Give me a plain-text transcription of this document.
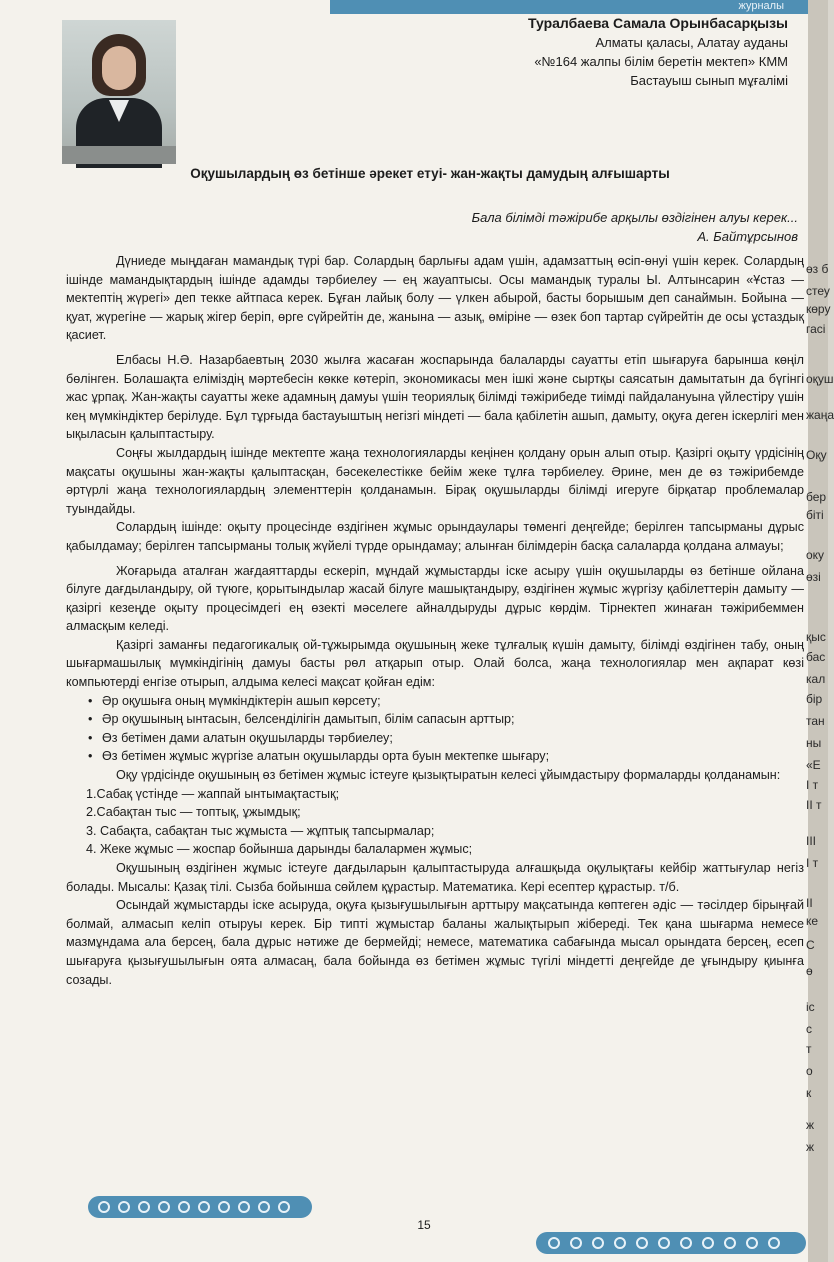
журналы
Туралбаева Самала Орынбасарқызы
Алматы қаласы, Алатау ауданы
«№164 жалпы білім беретін мектеп» КММ
Бастауыш сынып мұғалімі
Оқушылардың өз бетінше әрекет етуі- жан-жақты дамудың алғышарты
Бала білімді тәжірибе арқылы өздігінен алуы керек...
А. Байтұрсынов

Дүниеде мыңдаған мамандық түрі бар. Солардың барлығы адам үшін, адамзаттың өсіп-өнуі үшін керек. Солардың ішінде мамандықтардың ішінде адамды тәрбиелеу — ең жауаптысы. Осы мамандық туралы Ы. Алтынсарин «Ұстаз — мектептің жүрегі» деп текке айтпаса керек. Бұған лайық болу — үлкен абырой, басты борышым деп санаймын. Бойына — қуат, жүрегіне — жарық жігер беріп, өрге сүйрейтін де, жанына — азық, өміріне — өзек боп тартар сүйрейтін де осы ұстаздық қасиет.

Елбасы Н.Ә. Назарбаевтың 2030 жылға жасаған жоспарында балаларды сауатты етіп шығаруға барынша көңіл бөлінген. Болашақта еліміздің мәртебесін көкке көтеріп, экономикасы мен ішкі және сыртқы саясатын дамытатын да бүгінгі жас ұрпақ. Жан-жақты сауатты жеке адамның дамуы үшін теориялық білімді тәжірибеде тиімді пайдалануына үйлестіру үшін кең мүмкіндіктер берілуде. Бұл тұрғыда бастауыштың негізгі міндеті — бала қабілетін ашып, дамыту, оқуға деген іскерлігі мен ықыласын қалыптастыру.

Соңғы жылдардың ішінде мектепте жаңа технологияларды кеңінен қолдану орын алып отыр. Қазіргі оқыту үрдісінің мақсаты оқушыны жан-жақты қалыптасқан, бәсекелестікке бейім жеке тұлға тәрбиелеу. Әрине, мен де өз тәжірибемде әртүрлі жаңа технологиялардың элементтерін қолданамын. Бірақ оқушыларды білімді игеруге бірқатар проблемалар туындайды.

Солардың ішінде: оқыту процесінде өздігінен жұмыс орындаулары төменгі деңгейде; берілген тапсырманы дұрыс қабылдамау; берілген тапсырманы толық жүйелі түрде орындамау; алынған білімдерін басқа салаларда қолдана алмауы;

Жоғарыда аталған жағдаяттарды ескеріп, мұндай жұмыстарды іске асыру үшін оқушыларды өз бетінше ойлана білуге дағдыландыру, ой түюге, қорытындылар жасай білуге машықтандыру, өздігінен жұмыс жүргізу қабілеттерін дамыту — қазіргі кезеңде оқыту процесімдегі ең өзекті мәселеге айналдыруды дұрыс көрдім. Тірнектеп жинаған тәжірибеммен алмасқым келеді.

Қазіргі заманғы педагогикалық ой-тұжырымда оқушының жеке тұлғалық күшін дамыту, білімді өздігінен табу, оның шығармашылық мүмкіндігінің дамуы басты рөл атқарып отыр. Олай болса, жаңа технологиялар мен ақпарат көзі компьютерді енгізе отырып, алдыма келесі мақсат қойған едім:

• Әр оқушыға оның мүмкіндіктерін ашып көрсету;
• Әр оқушының ынтасын, белсенділігін дамытып, білім сапасын арттыр;
• Өз бетімен дами алатын оқушыларды тәрбиелеу;
• Өз бетімен жұмыс жүргізе алатын оқушыларды орта буын мектепке шығару;

Оқу үрдісінде оқушының өз бетімен жұмыс істеуге қызықтыратын келесі ұйымдастыру формаларды қолданамын:

1.Сабақ үстінде — жаппай ынтымақтастық;
2.Сабақтан тыс — топтық, ұжымдық;
3. Сабақта, сабақтан тыс жұмыста — жұптық тапсырмалар;
4. Жеке жұмыс — жоспар бойынша дарынды балалармен жұмыс;

Оқушының өздігінен жұмыс істеуге дағдыларын қалыптастыруда алғашқыда оқулықтағы кейбір жаттығулар негіз болады. Мысалы: Қазақ тілі. Сызба бойынша сөйлем құрастыр. Математика. Кері есептер құрастыр. т/б.

Осындай жұмыстарды іске асыруда, оқуға қызығушылығын арттыру мақсатында көптеген әдіс — тәсілдер бірыңғай болмай, алмасып келіп отыруы керек. Бір типті жұмыстар баланы жалықтырып жібереді. Тек қана шығарма немесе мазмұндама ала берсең, бала дұрыс нәтиже де бермейді; немесе, математика сабағында мысал орындата берсең, есеп шығаруға қызығушылығын оята алмасаң, бала бойында өз бетімен жұмыс түгілі міндетті деңгейде де ұғындыру қиынға созады.

өз б
стеу
көру
гасі
оқуш
жаңа
Оқу
бер
біті
оку
өзі
қыс
бас
кал
бір
тан
ны
«Е
І т
ІІ т
ІІІ
І т
ІІ
ке
С
ө
іс
с
т
о
к
ж
ж
15
